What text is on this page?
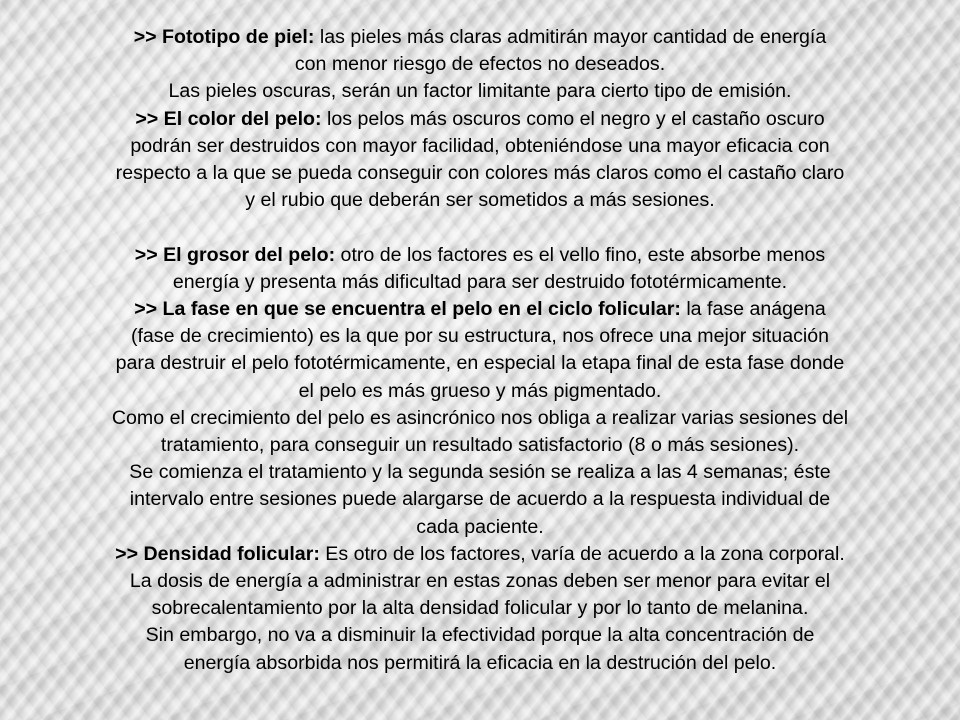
>> Fototipo de piel: las pieles más claras admitirán mayor cantidad de energía
con menor riesgo de efectos no deseados.
Las pieles oscuras, serán un factor limitante para cierto tipo de emisión.

>> El color del pelo: los pelos más oscuros como el negro y el castaño oscuro
podrán ser destruidos con mayor facilidad, obteniéndose una mayor eficacia con
respecto a la que se pueda conseguir con colores más claros como el castaño claro
y el rubio que deberán ser sometidos a más sesiones.

>> El grosor del pelo: otro de los factores es el vello fino, este absorbe menos
energía y presenta más dificultad para ser destruido fototérmicamente.

>> La fase en que se encuentra el pelo en el ciclo folicular: la fase anágena
(fase de crecimiento) es la que por su estructura, nos ofrece una mejor situación
para destruir el pelo fototérmicamente, en especial la etapa final de esta fase donde
el pelo es más grueso y más pigmentado.
Como el crecimiento del pelo es asincrónico nos obliga a realizar varias sesiones del
tratamiento, para conseguir un resultado satisfactorio (8 o más sesiones).
Se comienza el tratamiento y la segunda sesión se realiza a las 4 semanas; éste
intervalo entre sesiones puede alargarse de acuerdo a la respuesta individual de
cada paciente.

>> Densidad folicular: Es otro de los factores, varía de acuerdo a la zona corporal.
La dosis de energía a administrar en estas zonas deben ser menor para evitar el
sobrecalentamiento por la alta densidad folicular y por lo tanto de melanina.
Sin embargo, no va a disminuir la efectividad porque la alta concentración de
energía absorbida nos permitirá la eficacia en la destrución del pelo.
